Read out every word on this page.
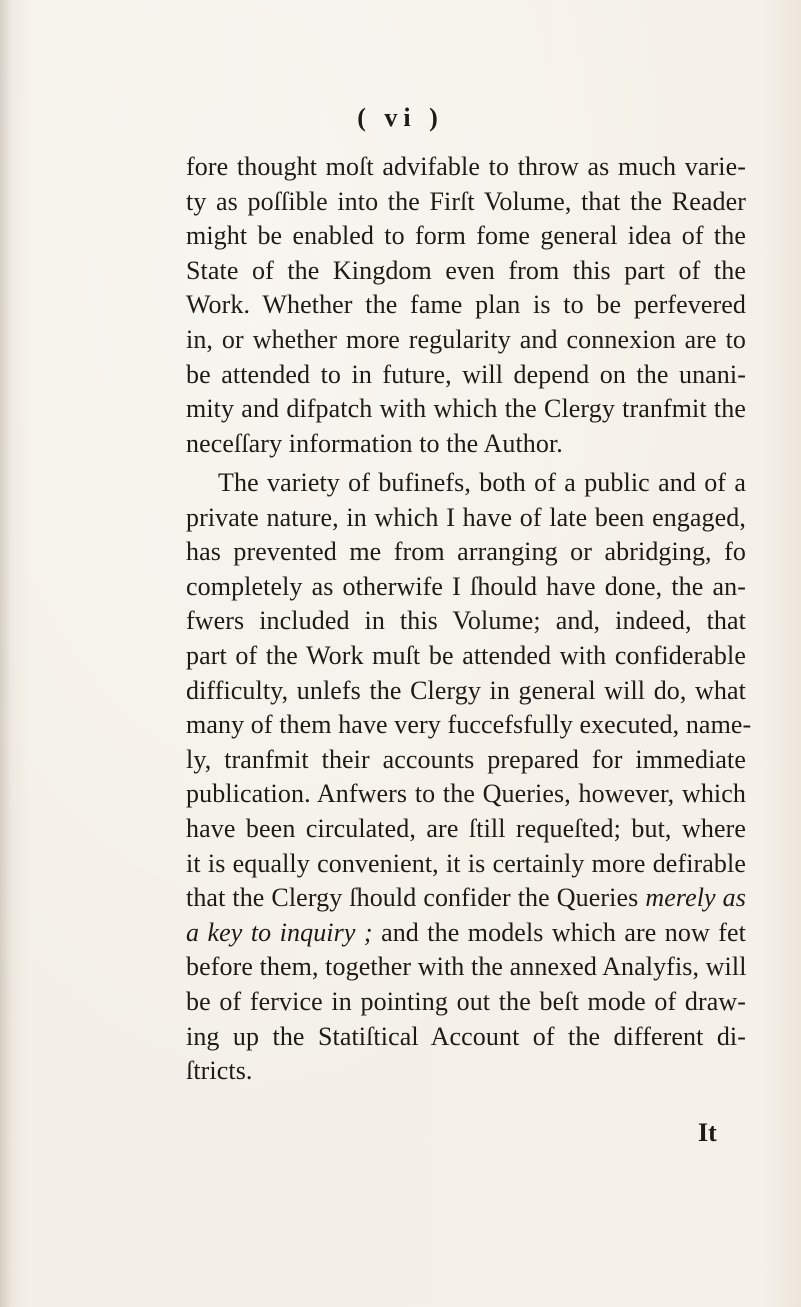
( vi )
fore thought moſt advifable to throw as much varie-
ty as poſſible into the Firſt Volume, that the Reader
might be enabled to form fome general idea of the
State of the Kingdom even from this part of the
Work. Whether the fame plan is to be perfevered
in, or whether more regularity and connexion are to
be attended to in future, will depend on the unani-
mity and difpatch with which the Clergy tranfmit the
neceſſary information to the Author.
The variety of bufinefs, both of a public and of a
private nature, in which I have of late been engaged,
has prevented me from arranging or abridging, fo
completely as otherwife I ſhould have done, the an-
fwers included in this Volume; and, indeed, that
part of the Work muſt be attended with confiderable
difficulty, unlefs the Clergy in general will do, what
many of them have very fuccefsfully executed, name-
ly, tranfmit their accounts prepared for immediate
publication. Anfwers to the Queries, however, which
have been circulated, are ſtill requeſted; but, where
it is equally convenient, it is certainly more defirable
that the Clergy ſhould confider the Queries merely as
a key to inquiry ; and the models which are now fet
before them, together with the annexed Analyfis, will
be of fervice in pointing out the beſt mode of draw-
ing up the Statiſtical Account of the different di-
ſtricts.
It
